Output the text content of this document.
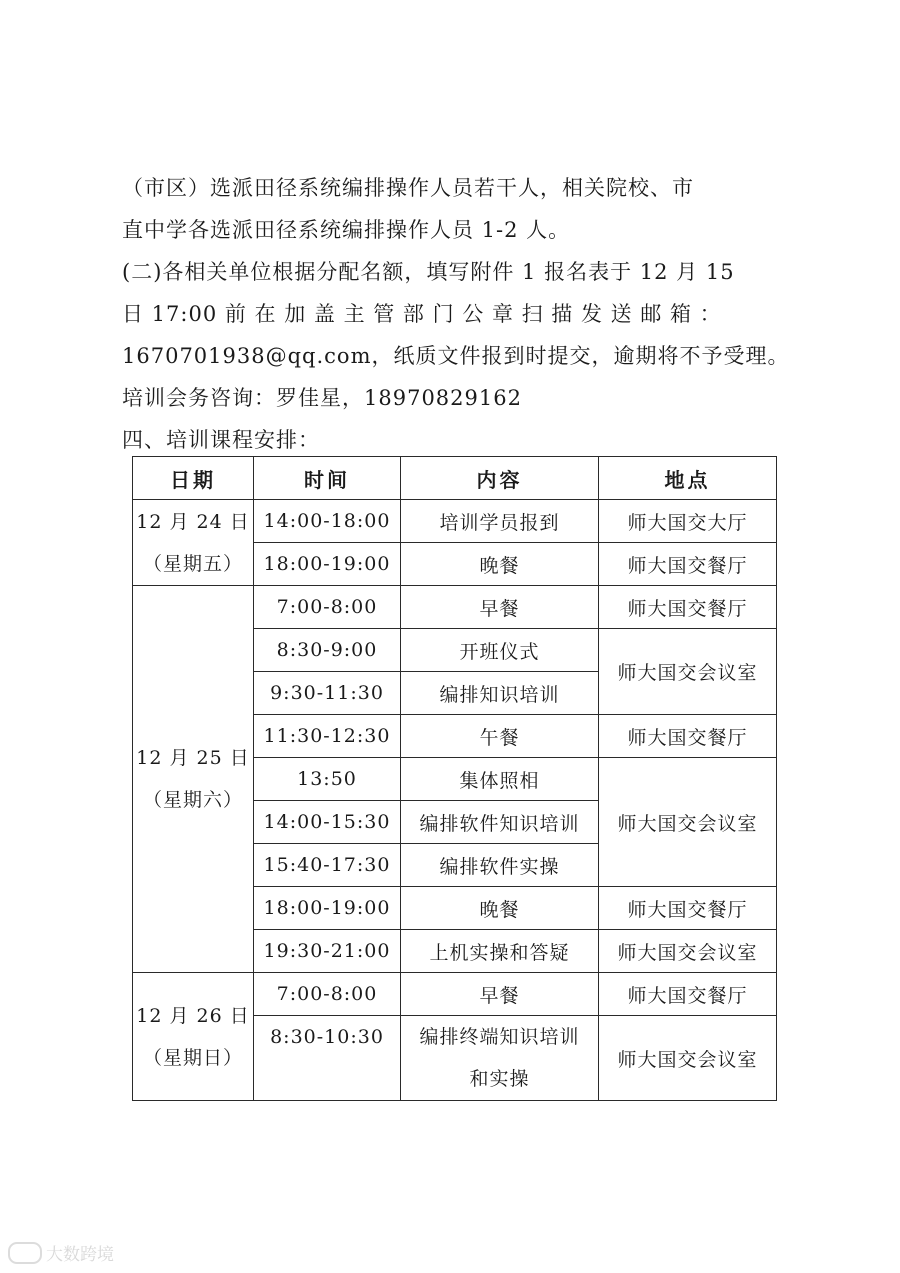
（市区）选派田径系统编排操作人员若干人，相关院校、市
直中学各选派田径系统编排操作人员 1-2 人。
(二)各相关单位根据分配名额，填写附件 1 报名表于 12 月 15
日 17:00 前 在 加 盖 主 管 部 门 公 章 扫 描 发 送 邮 箱 ：
1670701938@qq.com，纸质文件报到时提交，逾期将不予受理。
培训会务咨询：罗佳星，18970829162
四、培训课程安排：
日期	时间	内容	地点

12 月 24 日
（星期五）	14:00-18:00	培训学员报到	师大国交大厅
	18:00-19:00	晚餐	师大国交餐厅

12 月 25 日
（星期六）	7:00-8:00	早餐	师大国交餐厅
	8:30-9:00	开班仪式	师大国交会议室
	9:30-11:30	编排知识培训	
	11:30-12:30	午餐	师大国交餐厅
	13:50	集体照相	师大国交会议室
	14:00-15:30	编排软件知识培训	
	15:40-17:30	编排软件实操	
	18:00-19:00	晚餐	师大国交餐厅
	19:30-21:00	上机实操和答疑	师大国交会议室

12 月 26 日
（星期日）	7:00-8:00	早餐	师大国交餐厅
	8:30-10:30	编排终端知识培训
和实操	师大国交会议室
大数跨境
